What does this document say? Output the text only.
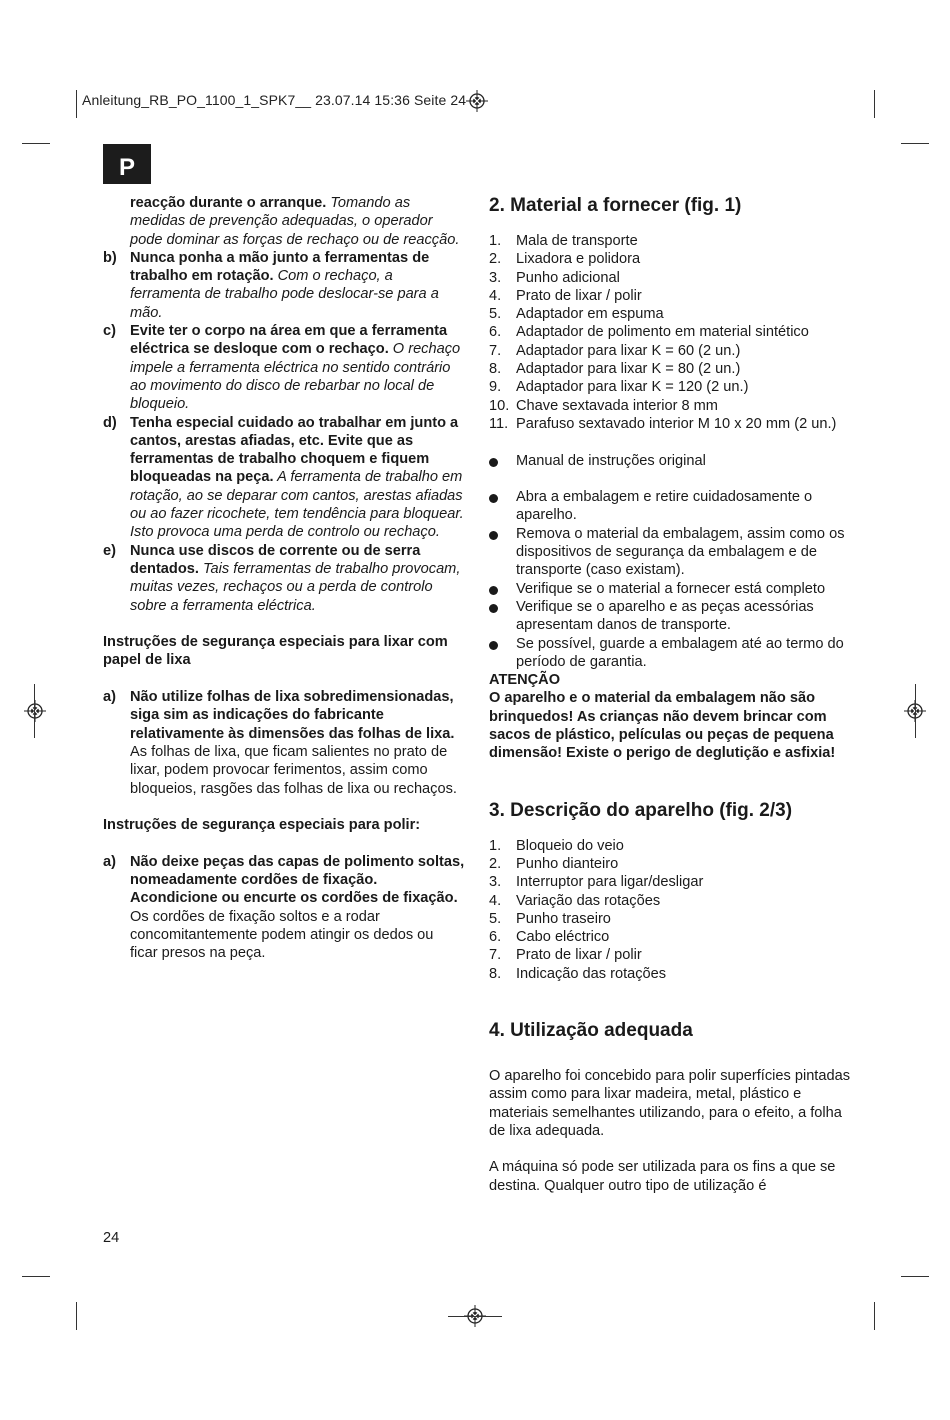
Anleitung_RB_PO_1100_1_SPK7__ 23.07.14 15:36 Seite 24
P
reacção durante o arranque. Tomando as medidas de prevenção adequadas, o operador pode dominar as forças de rechaço ou de reacção.
b) Nunca ponha a mão junto a ferramentas de trabalho em rotação. Com o rechaço, a ferramenta de trabalho pode deslocar-se para a mão.
c) Evite ter o corpo na área em que a ferramenta eléctrica se desloque com o rechaço. O rechaço impele a ferramenta eléctrica no sentido contrário ao movimento do disco de rebarbar no local de bloqueio.
d) Tenha especial cuidado ao trabalhar em junto a cantos, arestas afiadas, etc. Evite que as ferramentas de trabalho choquem e fiquem bloqueadas na peça. A ferramenta de trabalho em rotação, ao se deparar com cantos, arestas afiadas ou ao fazer ricochete, tem tendência para bloquear. Isto provoca uma perda de controlo ou rechaço.
e) Nunca use discos de corrente ou de serra dentados. Tais ferramentas de trabalho provocam, muitas vezes, rechaços ou a perda de controlo sobre a ferramenta eléctrica.
Instruções de segurança especiais para lixar com papel de lixa
a) Não utilize folhas de lixa sobredimensionadas, siga sim as indicações do fabricante relativamente às dimensões das folhas de lixa. As folhas de lixa, que ficam salientes no prato de lixar, podem provocar ferimentos, assim como bloqueios, rasgões das folhas de lixa ou rechaços.
Instruções de segurança especiais para polir:
a) Não deixe peças das capas de polimento soltas, nomeadamente cordões de fixação. Acondicione ou encurte os cordões de fixação. Os cordões de fixação soltos e a rodar concomitantemente podem atingir os dedos ou ficar presos na peça.
2. Material a fornecer (fig. 1)
1.	Mala de transporte
2.	Lixadora e polidora
3.	Punho adicional
4.	Prato de lixar / polir
5.	Adaptador em espuma
6.	Adaptador de polimento em material sintético
7.	Adaptador para lixar K = 60 (2 un.)
8.	Adaptador para lixar K = 80 (2 un.)
9.	Adaptador para lixar K = 120 (2 un.)
10. Chave sextavada interior 8 mm
11. Parafuso sextavado interior M 10 x 20 mm (2 un.)
Manual de instruções original
Abra a embalagem e retire cuidadosamente o aparelho.
Remova o material da embalagem, assim como os dispositivos de segurança da embalagem e de transporte (caso existam).
Verifique se o material a fornecer está completo
Verifique se o aparelho e as peças acessórias apresentam danos de transporte.
Se possível, guarde a embalagem até ao termo do período de garantia.
ATENÇÃO
O aparelho e o material da embalagem não são brinquedos! As crianças não devem brincar com sacos de plástico, películas ou peças de pequena dimensão! Existe o perigo de deglutição e asfixia!
3. Descrição do aparelho (fig. 2/3)
1.	Bloqueio do veio
2.	Punho dianteiro
3.	Interruptor para ligar/desligar
4.	Variação das rotações
5.	Punho traseiro
6.	Cabo eléctrico
7.	Prato de lixar / polir
8.	Indicação das rotações
4. Utilização adequada

O aparelho foi concebido para polir superfícies pintadas assim como para lixar madeira, metal, plástico e materiais semelhantes utilizando, para o efeito, a folha de lixa adequada.

A máquina só pode ser utilizada para os fins a que se destina. Qualquer outro tipo de utilização é

24
